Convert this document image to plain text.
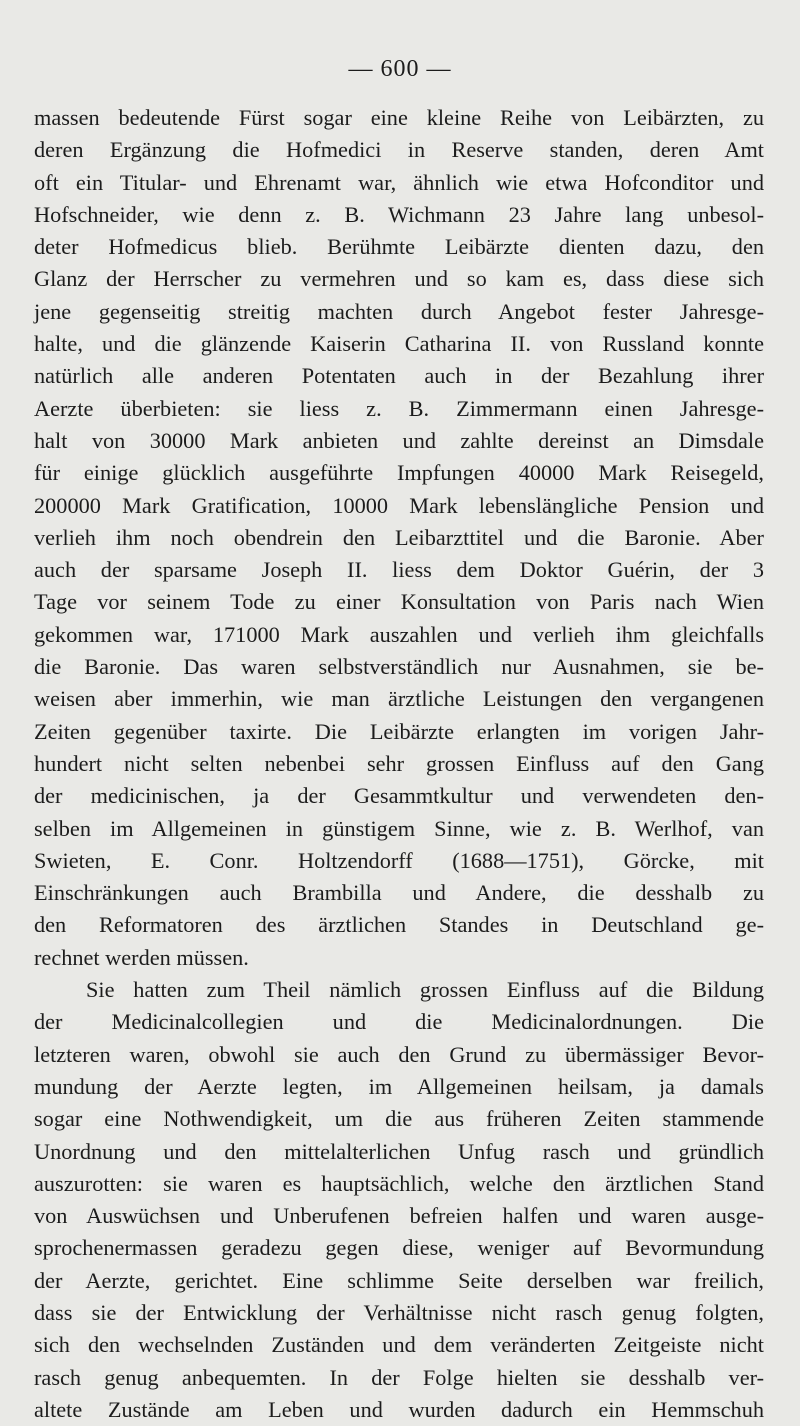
— 600 —
massen bedeutende Fürst sogar eine kleine Reihe von Leibärzten, zu
deren Ergänzung die Hofmedici in Reserve standen, deren Amt
oft ein Titular- und Ehrenamt war, ähnlich wie etwa Hofconditor und
Hofschneider, wie denn z. B. Wichmann 23 Jahre lang unbesol-
deter Hofmedicus blieb. Berühmte Leibärzte dienten dazu, den
Glanz der Herrscher zu vermehren und so kam es, dass diese sich
jene gegenseitig streitig machten durch Angebot fester Jahresge-
halte, und die glänzende Kaiserin Catharina II. von Russland konnte
natürlich alle anderen Potentaten auch in der Bezahlung ihrer
Aerzte überbieten: sie liess z. B. Zimmermann einen Jahresge-
halt von 30000 Mark anbieten und zahlte dereinst an Dimsdale
für einige glücklich ausgeführte Impfungen 40000 Mark Reisegeld,
200000 Mark Gratification, 10000 Mark lebenslängliche Pension und
verlieh ihm noch obendrein den Leibarzttitel und die Baronie. Aber
auch der sparsame Joseph II. liess dem Doktor Guérin, der 3
Tage vor seinem Tode zu einer Konsultation von Paris nach Wien
gekommen war, 171000 Mark auszahlen und verlieh ihm gleichfalls
die Baronie. Das waren selbstverständlich nur Ausnahmen, sie be-
weisen aber immerhin, wie man ärztliche Leistungen den vergangenen
Zeiten gegenüber taxirte. Die Leibärzte erlangten im vorigen Jahr-
hundert nicht selten nebenbei sehr grossen Einfluss auf den Gang
der medicinischen, ja der Gesammtkultur und verwendeten den-
selben im Allgemeinen in günstigem Sinne, wie z. B. Werlhof, van
Swieten, E. Conr. Holtzendorff (1688—1751), Görcke, mit
Einschränkungen auch Brambilla und Andere, die desshalb zu
den Reformatoren des ärztlichen Standes in Deutschland ge-
rechnet werden müssen.
Sie hatten zum Theil nämlich grossen Einfluss auf die Bildung
der Medicinalcollegien und die Medicinalordnungen. Die
letzteren waren, obwohl sie auch den Grund zu übermässiger Bevor-
mundung der Aerzte legten, im Allgemeinen heilsam, ja damals
sogar eine Nothwendigkeit, um die aus früheren Zeiten stammende
Unordnung und den mittelalterlichen Unfug rasch und gründlich
auszurotten: sie waren es hauptsächlich, welche den ärztlichen Stand
von Auswüchsen und Unberufenen befreien halfen und waren ausge-
sprochenermassen geradezu gegen diese, weniger auf Bevormundung
der Aerzte, gerichtet. Eine schlimme Seite derselben war freilich,
dass sie der Entwicklung der Verhältnisse nicht rasch genug folgten,
sich den wechselnden Zuständen und dem veränderten Zeitgeiste nicht
rasch genug anbequemten. In der Folge hielten sie desshalb ver-
altete Zustände am Leben und wurden dadurch ein Hemmschuh
